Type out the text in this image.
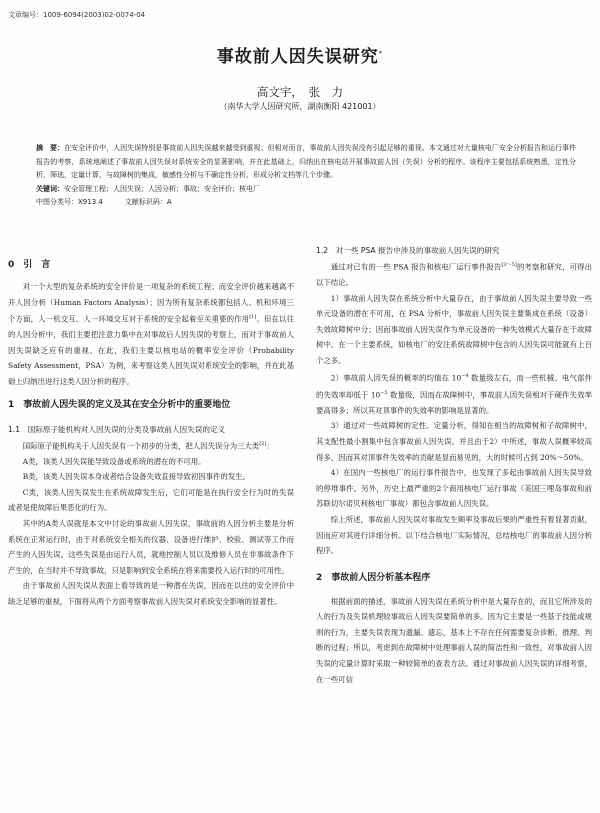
文章编号：1009-6094(2003)02-0074-04
事故前人因失误研究*
高文宇，　张　力
（南华大学人因研究所，湖南衡阳 421001）

摘　要：在安全评价中，人因失误特别是事故前人因失误越来越受到重视；但相对而言，事故前人因失误没有引起足够的重视。本文通过对大量核电厂安全分析报告和运行事件报告的考察，系统地阐述了事故前人因失误对系统安全的显著影响，并在此基础上，归纳出在核电站开展事故前人因（失误）分析的程序。该程序主要包括系统熟悉，定性分析，筛选，定量计算，与故障树的集成，敏感性分析与不确定性分析，形成分析文档等几个步骤。

关键词：安全管理工程；人因失误；人因分析；事故；安全评价；核电厂

中图分类号：X913.4	文献标识码：A

0　 引　言

对一个大型的复杂系统的安全评价是一项复杂的系统工程；而安全评价越来越离不开人因分析（Human Factors Analysis）；因为所有复杂系统都包括人、机和环境三个方面，人一机交互、人一环境交互对于系统的安全起着至关重要的作用[1]。但在以往的人因分析中，我们主要把注意力集中在对事故后人因失误的考察上，而对于事故前人因失误缺乏应有的重视。在此，我们主要以核电站的概率安全评价（Probability Safety Assessment，PSA）为例，来考察这类人因失误对系统安全的影响，并在此基础上归纳出进行这类人因分析的程序。

1　 事故前人因失误的定义及其在安全分析中的重要地位
1.1　 国际原子能机构对人因失误的分类及事故前人因失误的定义

国际原子能机构关于人因失误有一个初步的分类，把人因失误分为三大类[2]：

A类，该类人因失误能导致设备或系统的潜在的不可用。

B类，该类人因失误本身或者结合设备失效直接导致初因事件的发生。

C类，该类人因失误发生在系统故障发生后，它们可能是在执行安全行为时的失误或者是使故障后果恶化的行为。

其中的A类人误就是本文中讨论的事故前人因失误，事故前的人因分析主要是分析系统在正常运行时，由于对系统安全相关的仪器、设备进行维护、校验、测试等工作而产生的人因失误。这些失误是由运行人员，就地控制人员以及维修人员在非事故条件下产生的，在当时并不导致事故，只是影响到安全系统在将来需要投入运行时的可用性。

由于事故前人因失误从表面上看导致的是一种潜在失误，因而在以往的安全评价中缺乏足够的重视，下面将从两个方面考察事故前人因失误对系统安全影响的显著性。

1.2　 对一些 PSA 报告中涉及的事故前人因失误的研究

通过对已有的一些 PSA 报告和核电厂运行事件报告[3～5]的考察和研究，可得出以下结论。

1）事故前人因失误在系统分析中大量存在，由于事故前人因失误主要导致一些单元设备的潜在不可用，在 PSA 分析中，事故前人因失误主要集成在系统（设备）失效故障树中分；因而事故前人因失误作为单元设备的一种失效模式大量存在于故障树中。在一个主要系统，如核电厂的安注系统故障树中包含的人因失误可能就有上百个之多。

2）事故前人因失误的概率的均值在 10$^{-4}$ 数量级左右，而一些机械、电气部件的失效率却低于 10$^{-5}$ 数量级，因而在故障树中，事故前人因失误相对于硬件失效率要高得多；所以其对顶事件的失效率的影响是显著的。

3）通过对一些故障树的定性、定量分析，得知在相当的故障树和子故障树中，其支配性最小割集中包含事故前人因失误。并且由于2）中所述，事故人误概率较高得多，因而其对顶事件失效率的贡献是显而易见的，大的时候可占到 20%～50%。

4）在国内一些核电厂的运行事件报告中，也发现了多起由事故前人因失误导致的停堆事件。另外，历史上最严重的2个商用核电厂运行事故（美国三哩岛事故和前苏联切尔诺贝利核电厂事故）都包含事故前人因失误。

综上所述，事故前人因失误对事故发生频率及事故后果的严重性有着显著贡献，因而应对其进行详细分析。以下结合核电厂实际情况，总结核电厂的事故前人因分析程序。

2　 事故前人因分析基本程序

根据前面的描述，事故前人因失误在系统分析中是大量存在的，而且它所涉及的人的行为及失误机理较事故后人因失误要简单的多。因为它主要是一些基于技能或规则的行为，主要失误表现为遗漏、遗忘，基本上不存在任何需要复杂诊断、推理、判断的过程；所以，考虑到在故障树中处理事前人误的简洁性和一致性，对事故前人因失误的定量计算时采取一种较简单的查表方法。通过对事故前人因失误的详细考察，在一些可信
